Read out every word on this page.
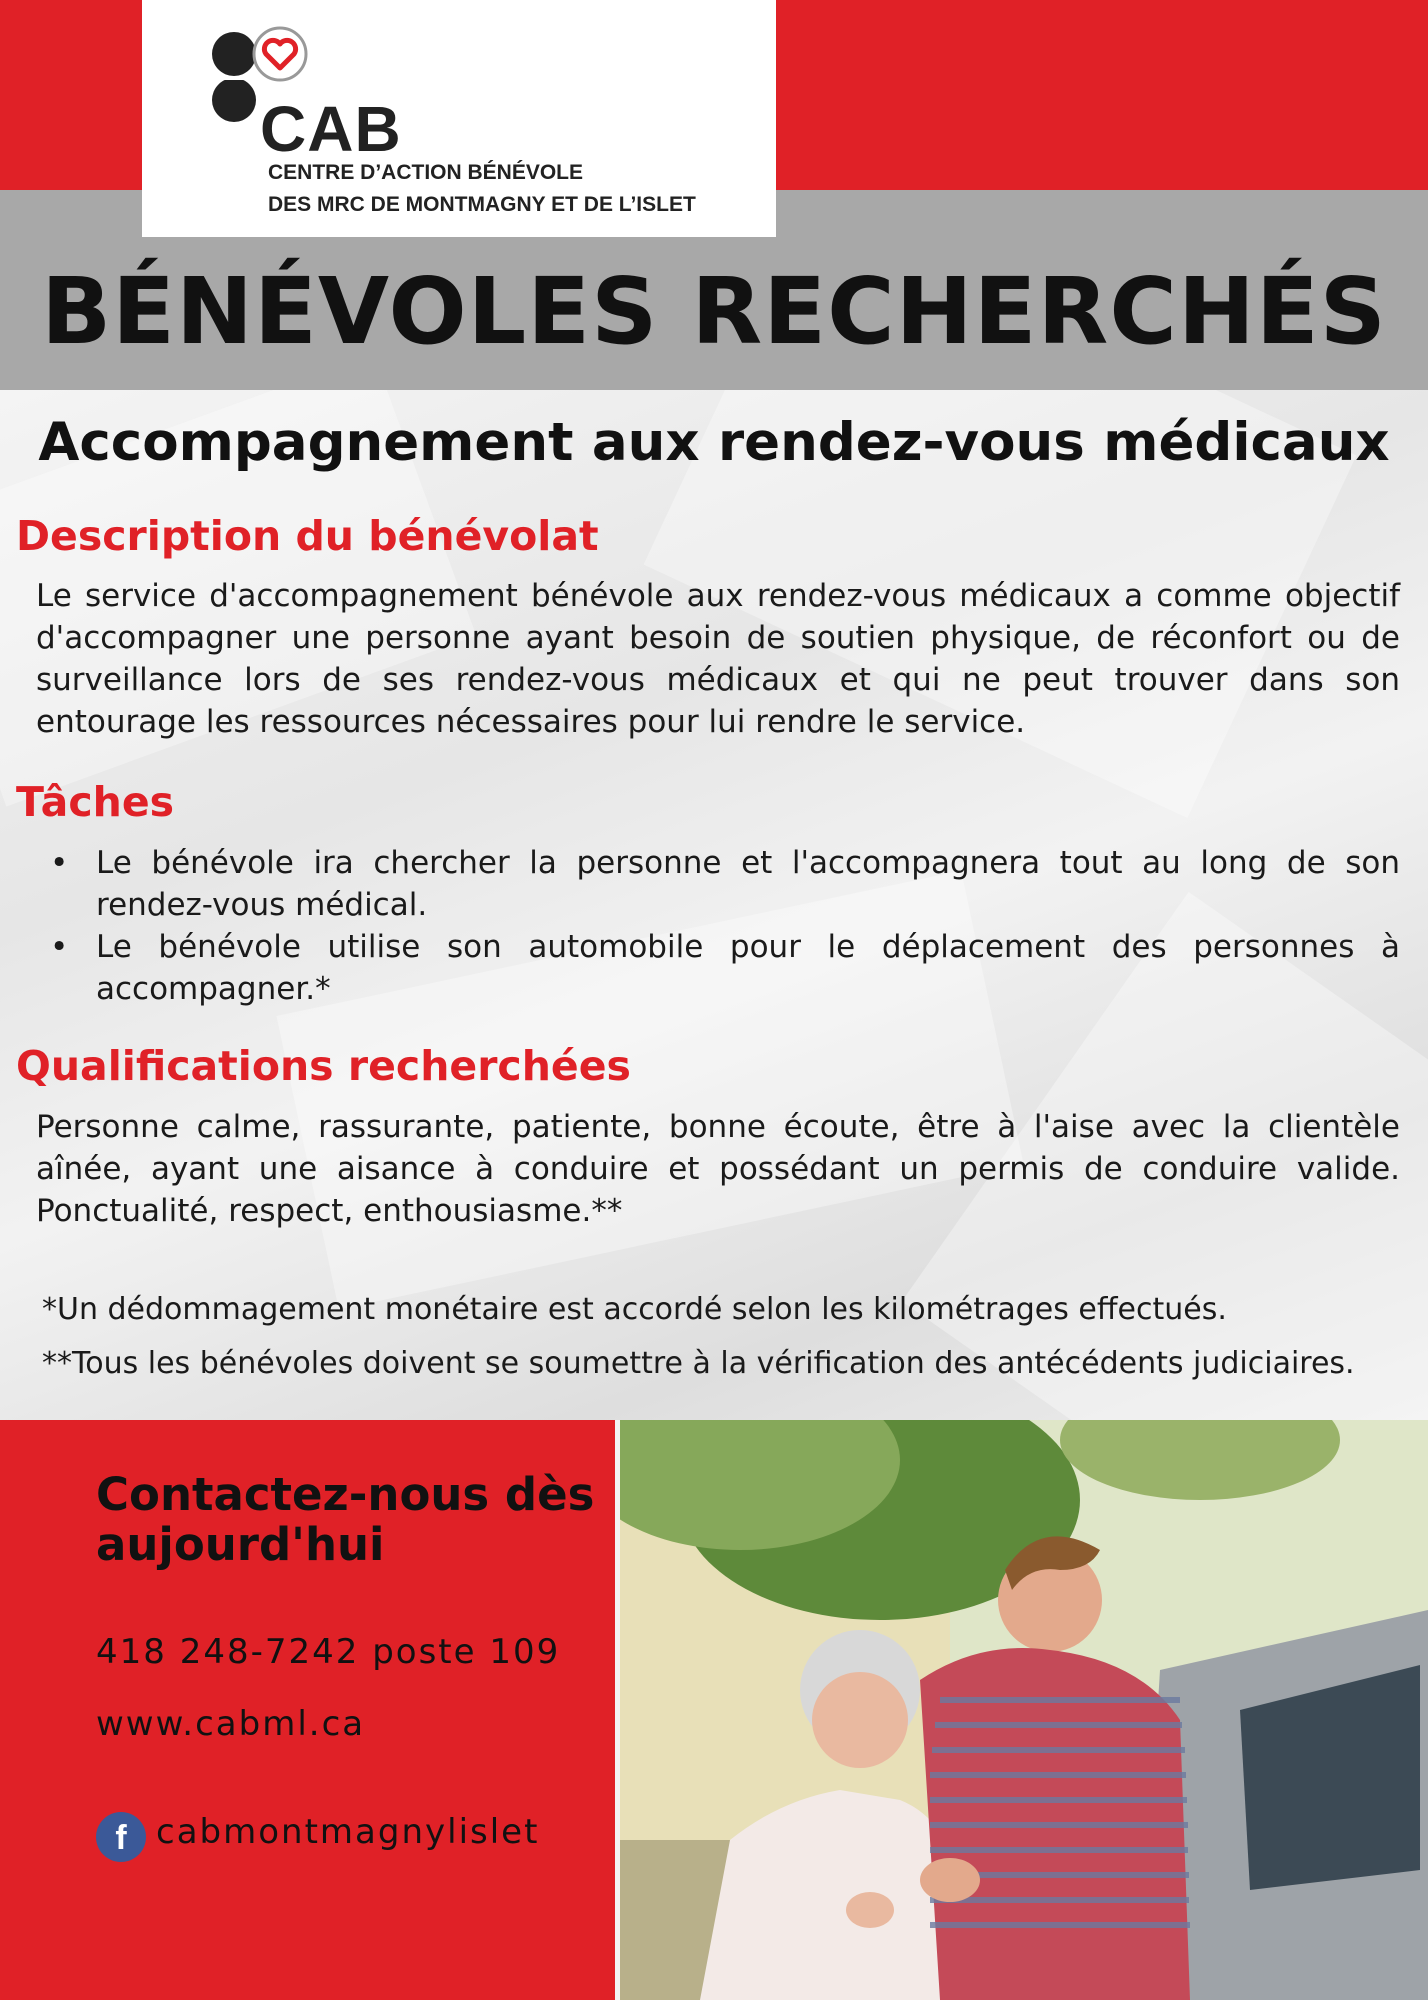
CAB
CENTRE D’ACTION BÉNÉVOLE
DES MRC DE MONTMAGNY ET DE L’ISLET
BÉNÉVOLES RECHERCHÉS
Accompagnement aux rendez-vous médicaux
Description du bénévolat
Le service d'accompagnement bénévole aux rendez-vous médicaux a comme objectif d'accompagner une personne ayant besoin de soutien physique, de réconfort ou de surveillance lors de ses rendez-vous médicaux et qui ne peut trouver dans son entourage les ressources nécessaires pour lui rendre le service.
Tâches
• Le bénévole ira chercher la personne et l'accompagnera tout au long de son rendez-vous médical.
• Le bénévole utilise son automobile pour le déplacement des personnes à accompagner.*
Qualifications recherchées
Personne calme, rassurante, patiente, bonne écoute, être à l'aise avec la clientèle aînée, ayant une aisance à conduire et possédant un permis de conduire valide. Ponctualité, respect, enthousiasme.**
*Un dédommagement monétaire est accordé selon les kilométrages effectués.
**Tous les bénévoles doivent se soumettre à la vérification des antécédents judiciaires.
Contactez-nous dès aujourd'hui
418 248-7242 poste 109
www.cabml.ca
f cabmontmagnylislet
